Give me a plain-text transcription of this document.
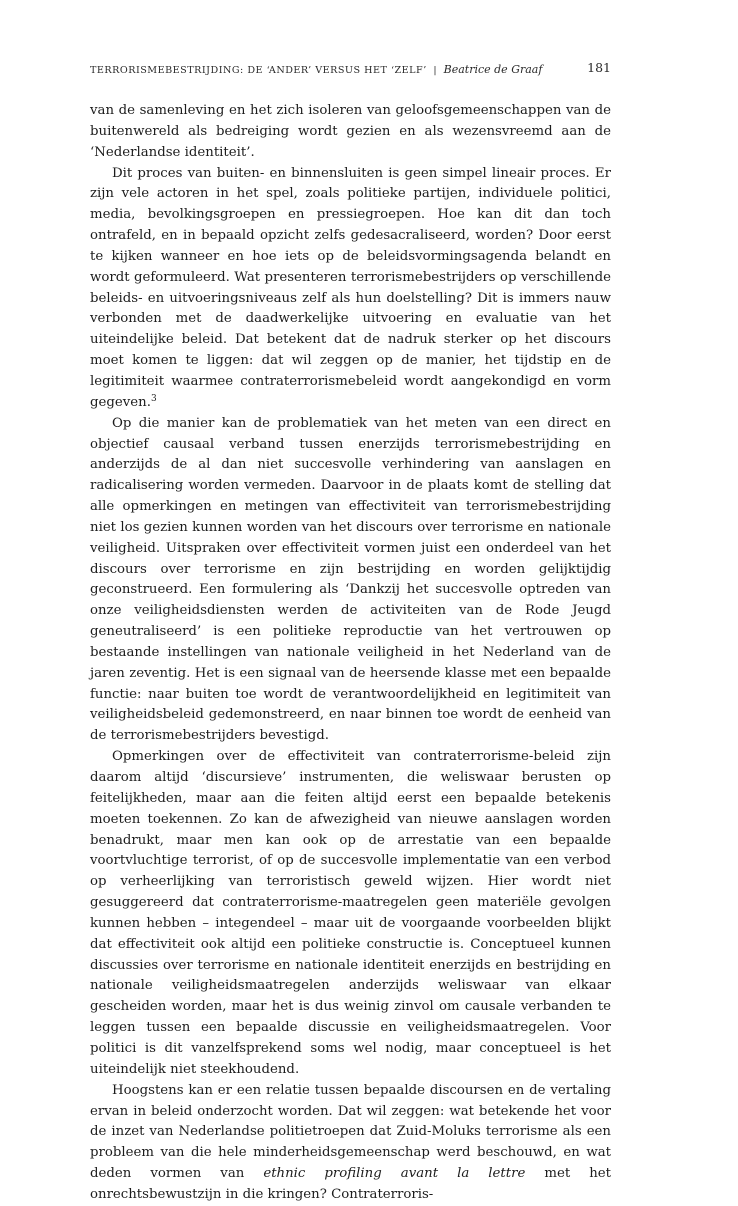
TERRORISMEBESTRIJDING: DE ‘ANDER’ VERSUS HET ‘ZELF’ | Beatrice de Graaf	181

van de samenleving en het zich isoleren van geloofsgemeenschappen van de buitenwereld als bedreiging wordt gezien en als wezensvreemd aan de ‘Nederlandse identiteit’.

Dit proces van buiten- en binnensluiten is geen simpel lineair proces. Er zijn vele actoren in het spel, zoals politieke partijen, individuele politici, media, bevolkingsgroepen en pressiegroepen. Hoe kan dit dan toch ontrafeld, en in bepaald opzicht zelfs gedesacraliseerd, worden? Door eerst te kijken wanneer en hoe iets op de beleidsvormingsagenda belandt en wordt geformuleerd. Wat presenteren terrorismebestrijders op verschillende beleids- en uitvoeringsniveaus zelf als hun doelstelling? Dit is immers nauw verbonden met de daadwerkelijke uitvoering en evaluatie van het uiteindelijke beleid. Dat betekent dat de nadruk sterker op het discours moet komen te liggen: dat wil zeggen op de manier, het tijdstip en de legitimiteit waarmee contraterrorismebeleid wordt aangekondigd en vorm gegeven.$^3$

Op die manier kan de problematiek van het meten van een direct en objectief causaal verband tussen enerzijds terrorismebestrijding en anderzijds de al dan niet succesvolle verhindering van aanslagen en radicalisering worden vermeden. Daarvoor in de plaats komt de stelling dat alle opmerkingen en metingen van effectiviteit van terrorismebestrijding niet los gezien kunnen worden van het discours over terrorisme en nationale veiligheid. Uitspraken over effectiviteit vormen juist een onderdeel van het discours over terrorisme en zijn bestrijding en worden gelijktijdig geconstrueerd. Een formulering als ‘Dankzij het succesvolle optreden van onze veiligheidsdiensten werden de activiteiten van de Rode Jeugd geneutraliseerd’ is een politieke reproductie van het vertrouwen op bestaande instellingen van nationale veiligheid in het Nederland van de jaren zeventig. Het is een signaal van de heersende klasse met een bepaalde functie: naar buiten toe wordt de verantwoordelijkheid en legitimiteit van veiligheidsbeleid gedemonstreerd, en naar binnen toe wordt de eenheid van de terrorismebestrijders bevestigd.

Opmerkingen over de effectiviteit van contraterrorisme-beleid zijn daarom altijd ‘discursieve’ instrumenten, die weliswaar berusten op feitelijkheden, maar aan die feiten altijd eerst een bepaalde betekenis moeten toekennen. Zo kan de afwezigheid van nieuwe aanslagen worden benadrukt, maar men kan ook op de arrestatie van een bepaalde voortvluchtige terrorist, of op de succesvolle implementatie van een verbod op verheerlijking van terroristisch geweld wijzen. Hier wordt niet gesuggereerd dat contraterrorisme-maatregelen geen materiële gevolgen kunnen hebben – integendeel – maar uit de voorgaande voorbeelden blijkt dat effectiviteit ook altijd een politieke constructie is. Conceptueel kunnen discussies over terrorisme en nationale identiteit enerzijds en bestrijding en nationale veiligheidsmaatregelen anderzijds weliswaar van elkaar gescheiden worden, maar het is dus weinig zinvol om causale verbanden te leggen tussen een bepaalde discussie en veiligheidsmaatregelen. Voor politici is dit vanzelfsprekend soms wel nodig, maar conceptueel is het uiteindelijk niet steekhoudend.

Hoogstens kan er een relatie tussen bepaalde discoursen en de vertaling ervan in beleid onderzocht worden. Dat wil zeggen: wat betekende het voor de inzet van Nederlandse politietroepen dat Zuid-Moluks terrorisme als een probleem van die hele minderheidsgemeenschap werd beschouwd, en wat deden vormen van ethnic profiling avant la lettre met het onrechtsbewustzijn in die kringen? Contraterroris-
